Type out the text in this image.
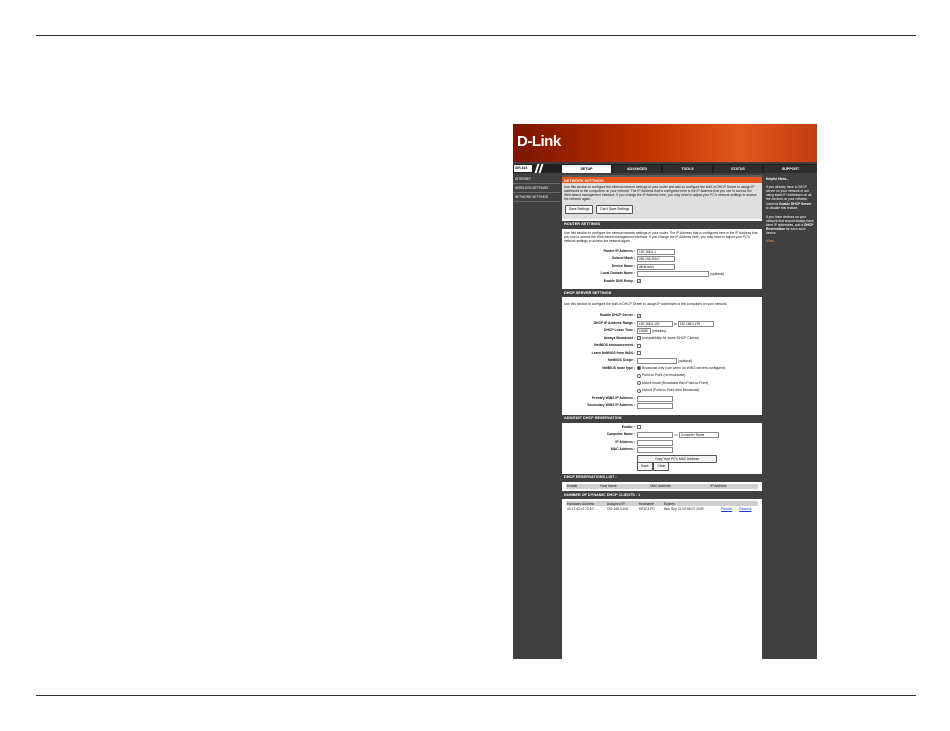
D-Link
DIR-615	SETUP	ADVANCED	TOOLS	STATUS	SUPPORT
INTERNET
WIRELESS SETTINGS
NETWORK SETTINGS
NETWORK SETTINGS
Use this section to configure the internal network settings of your router and also to configure the built-in DHCP Server to assign IP addresses to the computers on your network. The IP Address that is configured here is the IP Address that you use to access the Web-based management interface. If you change the IP Address here, you may need to adjust your PC's network settings to access the network again.
Save Settings	Don't Save Settings
ROUTER SETTINGS
Use this section to configure the internal network settings of your router. The IP Address that is configured here is the IP Address that you use to access the Web-based management interface. If you change the IP Address here, you may need to adjust your PC's network settings to access the network again.
Router IP Address :	192.168.0.1
Subnet Mask :	255.255.255.0
Device Name :	dlinkrouter
Local Domain Name :	(optional)
Enable DNS Relay :	✓
DHCP SERVER SETTINGS
Use this section to configure the built-in DHCP Server to assign IP addresses to the computers on your network.
Enable DHCP Server :	✓
DHCP IP Address Range :	192.168.0.100	to 192.168.0.199
DHCP Lease Time :	10080 (minutes)
Always Broadcast :	✓ (compatibility for some DHCP Clients)
NetBIOS announcement :
Learn NetBIOS from WAN :
NetBIOS Scope :	(optional)
NetBIOS node type :	Broadcast only (use when no WINS servers configured)
Point-to-Point (no broadcast)
Mixed-mode (Broadcast then Point-to-Point)
Hybrid (Point-to-Point then Broadcast)
Primary WINS IP Address :
Secondary WINS IP Address :
ADD/EDIT DHCP RESERVATION
Enable :
Computer Name :	<< Computer Name
IP Address :
MAC Address :
Copy Your PC's MAC Address
Save	Clear
DHCP RESERVATIONS LIST :
Enable	Host Name	MAC Address	IP Address
NUMBER OF DYNAMIC DHCP CLIENTS : 1
Hardware Address	Assigned IP	Hostname	Expires		
00:17:42:c7:72:10	192.168.0.100	SP3C3-PC	Mon Sep 21 02:58:07 2009	Revoke	Reserve
Helpful Hints...
If you already have a DHCP server on your network or are using static IP addresses on all the devices on your network, uncheck Enable DHCP Server to disable this feature.
If you have devices on your network that should always have fixed IP addresses, add a DHCP Reservation for each such device.
More...
